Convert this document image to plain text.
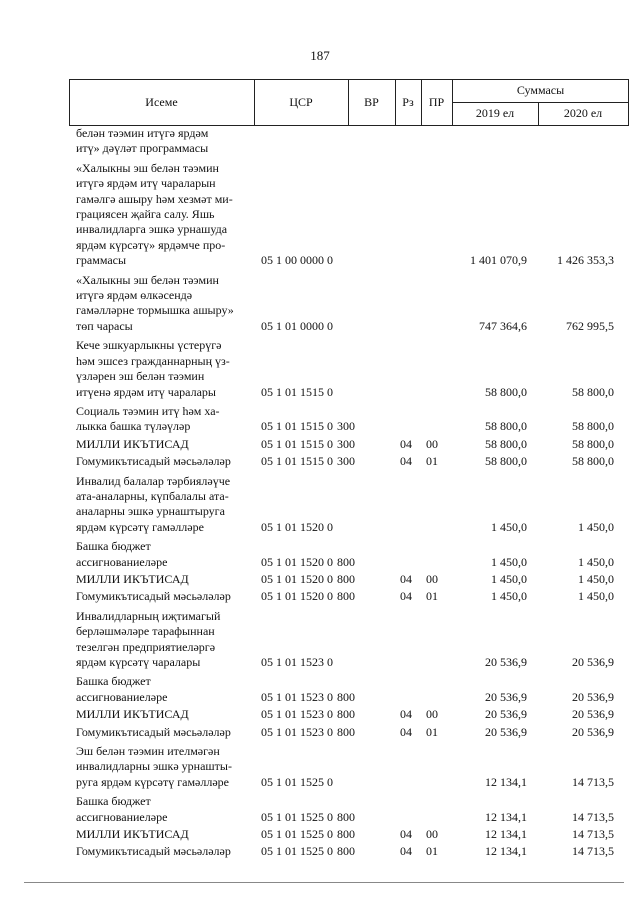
187
Исеме	ЦСР	ВР	Рз	ПР
Суммасы
2019 ел	2020 ел
белән тәэмин итүгә ярдәм
итү» дәүләт программасы
«Халыкны эш белән тәэмин
итүгә ярдәм итү чараларын
гамәлгә ашыру һәм хезмәт ми-
грациясен җайга салу. Яшь
инвалидларга эшкә урнашуда
ярдәм күрсәтү» ярдәмче про-
граммасы	05 1 00 0000 0	1 401 070,9	1 426 353,3
«Халыкны эш белән тәэмин
итүгә ярдәм өлкәсендә
гамәлләрне тормышка ашыру»
төп чарасы	05 1 01 0000 0	747 364,6	762 995,5
Кече эшкуарлыкны үстерүгә
һәм эшсез гражданнарның үз-
үзләрен эш белән тәэмин
итүенә ярдәм итү чаралары	05 1 01 1515 0	58 800,0	58 800,0
Социаль тәэмин итү һәм ха-
лыкка башка түләүләр	05 1 01 1515 0 300	58 800,0	58 800,0
МИЛЛИ ИКЪТИСАД	05 1 01 1515 0 300	04 00	58 800,0	58 800,0
Гомумикътисадый мәсьәләләр	05 1 01 1515 0 300	04 01	58 800,0	58 800,0
Инвалид балалар тәрбияләүче
ата-аналарны, күпбалалы ата-
аналарны эшкә урнаштыруга
ярдәм күрсәтү гамәлләре	05 1 01 1520 0	1 450,0	1 450,0
Башка бюджет
ассигнованиеләре	05 1 01 1520 0 800	1 450,0	1 450,0
МИЛЛИ ИКЪТИСАД	05 1 01 1520 0 800	04 00	1 450,0	1 450,0
Гомумикътисадый мәсьәләләр	05 1 01 1520 0 800	04 01	1 450,0	1 450,0
Инвалидларның иҗтимагый
берләшмәләре тарафыннан
тезелгән предприятиеләргә
ярдәм күрсәтү чаралары	05 1 01 1523 0	20 536,9	20 536,9
Башка бюджет
ассигнованиеләре	05 1 01 1523 0 800	20 536,9	20 536,9
МИЛЛИ ИКЪТИСАД	05 1 01 1523 0 800	04 00	20 536,9	20 536,9
Гомумикътисадый мәсьәләләр	05 1 01 1523 0 800	04 01	20 536,9	20 536,9
Эш белән тәэмин ителмәгән
инвалидларны эшкә урнашты-
руга ярдәм күрсәтү гамәлләре	05 1 01 1525 0	12 134,1	14 713,5
Башка бюджет
ассигнованиеләре	05 1 01 1525 0 800	12 134,1	14 713,5
МИЛЛИ ИКЪТИСАД	05 1 01 1525 0 800	04 00	12 134,1	14 713,5
Гомумикътисадый мәсьәләләр	05 1 01 1525 0 800	04 01	12 134,1	14 713,5
